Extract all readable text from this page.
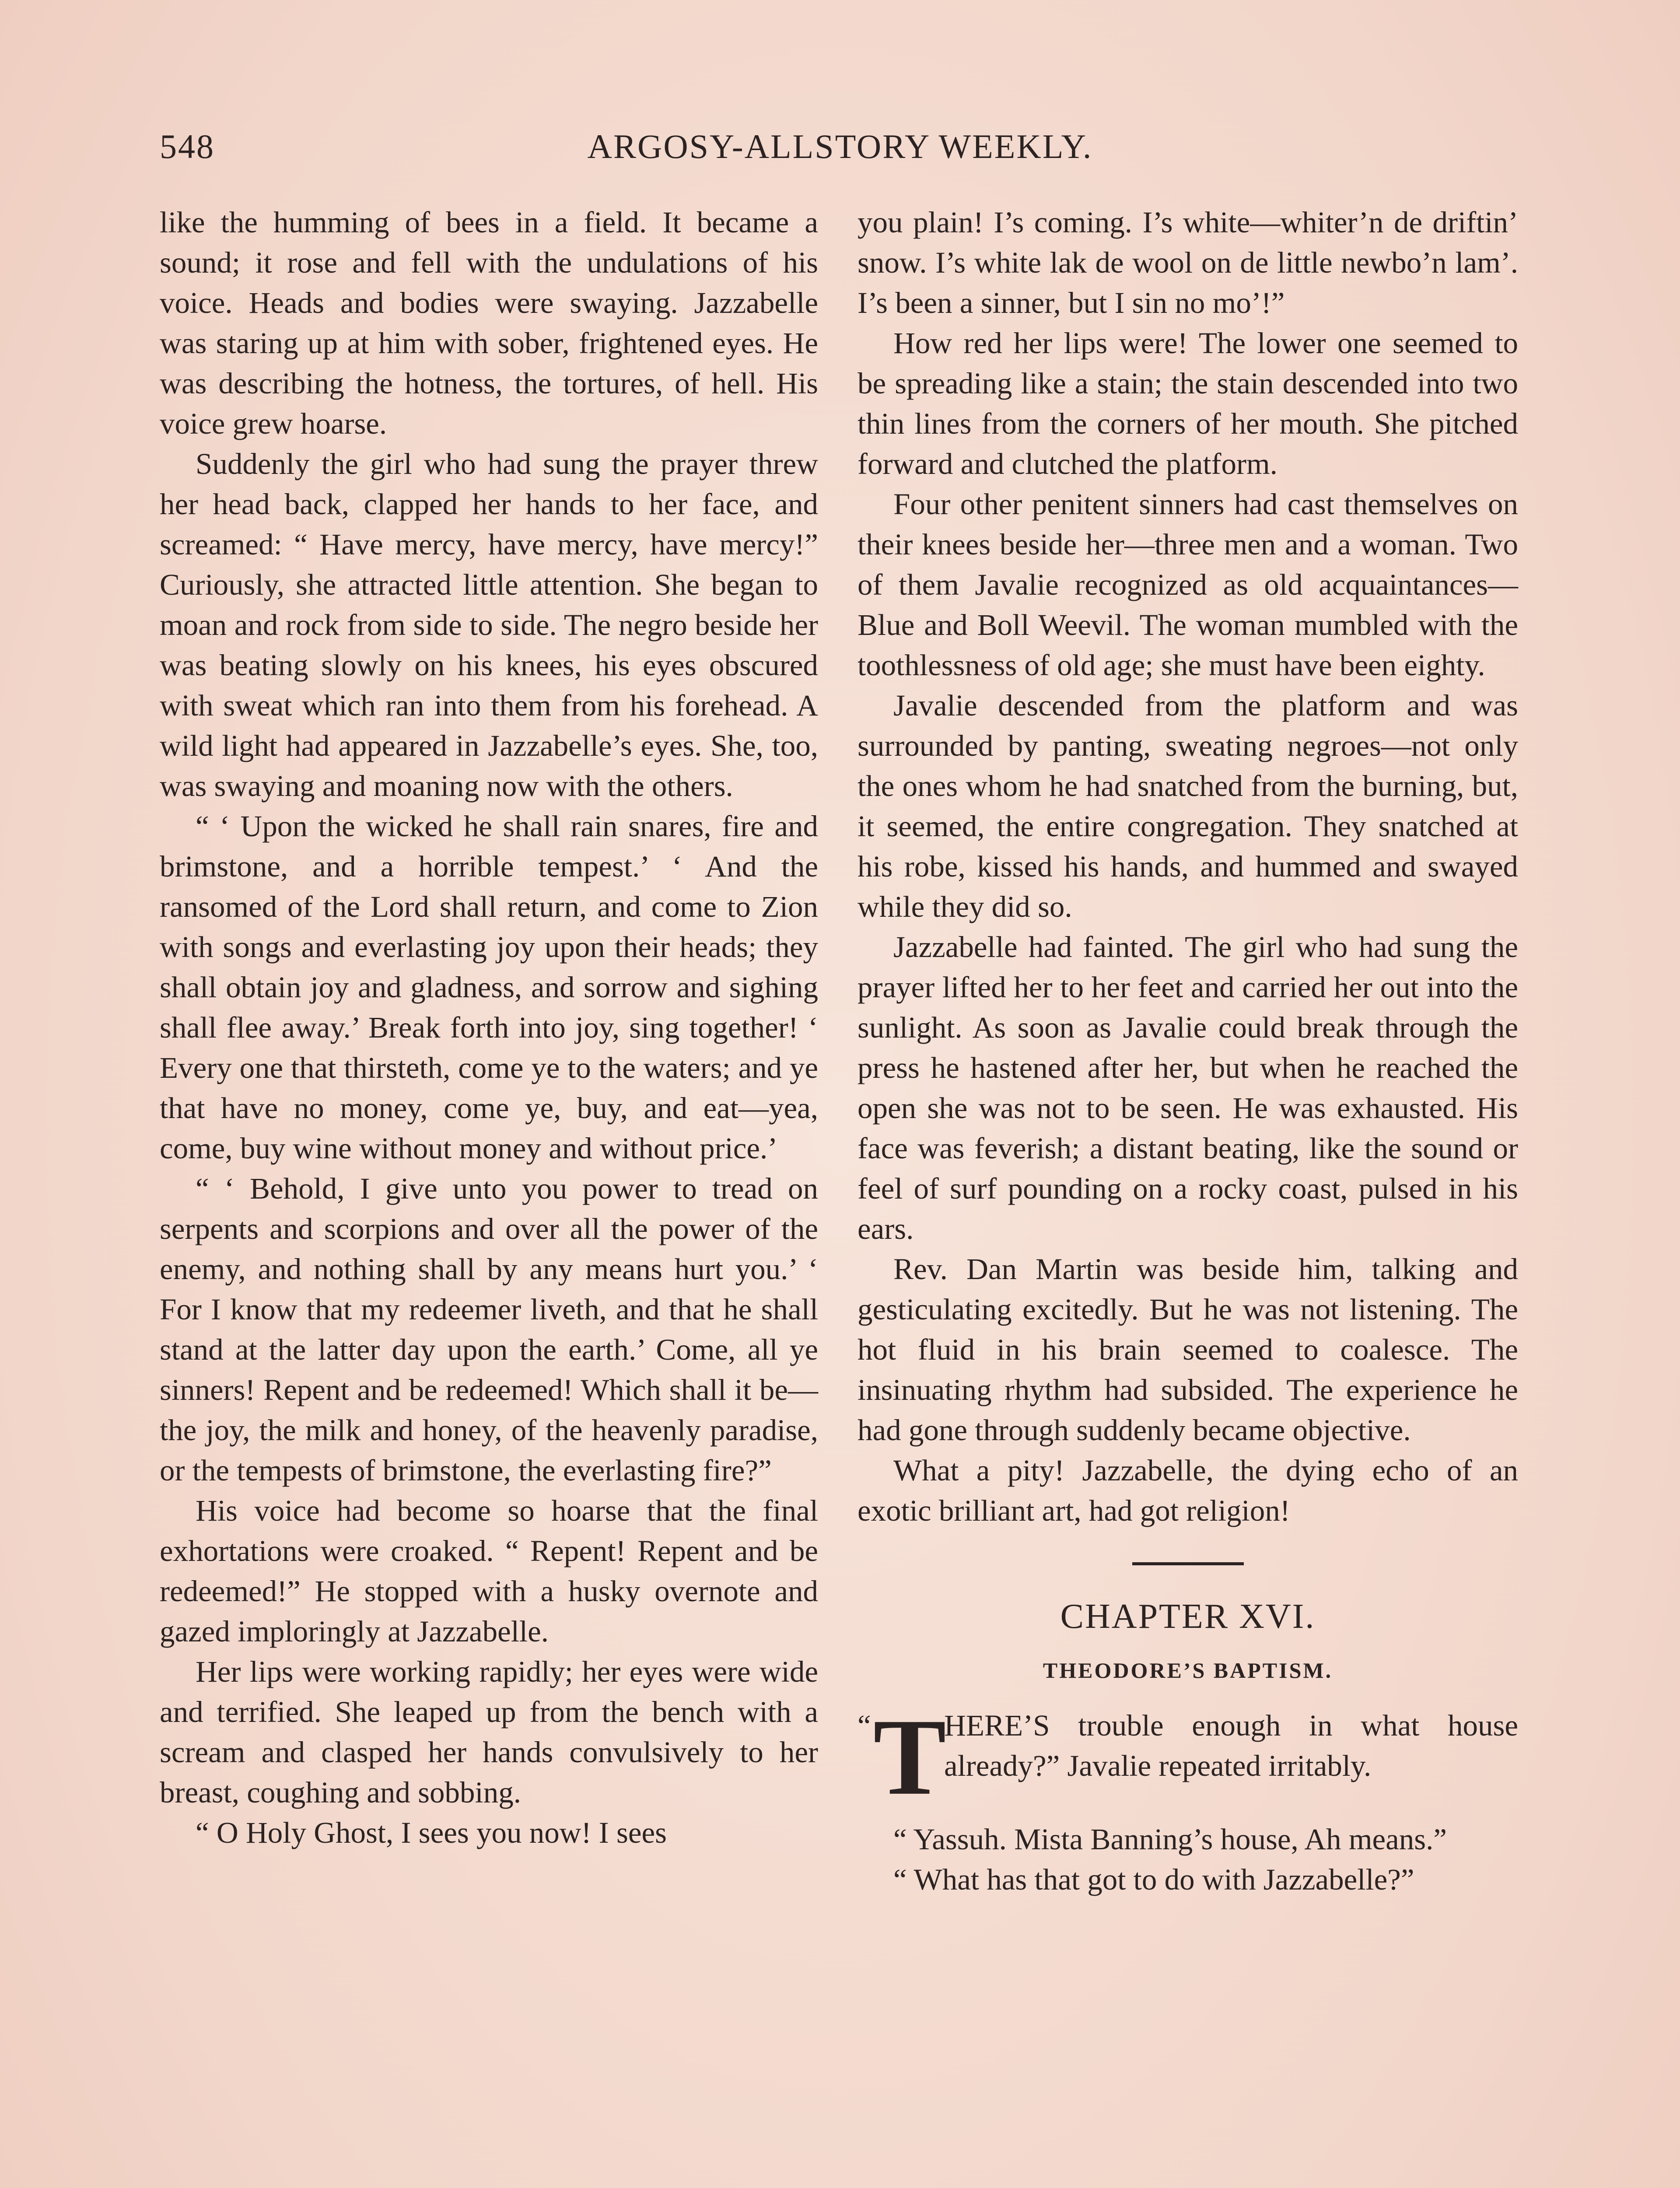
548	ARGOSY-ALLSTORY WEEKLY.

like the humming of bees in a field. It became a sound; it rose and fell with the undulations of his voice. Heads and bodies were swaying. Jazzabelle was staring up at him with sober, frightened eyes. He was describing the hotness, the tortures, of hell. His voice grew hoarse.

Suddenly the girl who had sung the prayer threw her head back, clapped her hands to her face, and screamed: “ Have mercy, have mercy, have mercy!” Curiously, she attracted little attention. She began to moan and rock from side to side. The negro beside her was beating slowly on his knees, his eyes obscured with sweat which ran into them from his forehead. A wild light had appeared in Jazzabelle’s eyes. She, too, was swaying and moaning now with the others.

“ ‘ Upon the wicked he shall rain snares, fire and brimstone, and a horrible tempest.’ ‘ And the ransomed of the Lord shall return, and come to Zion with songs and everlasting joy upon their heads; they shall obtain joy and gladness, and sorrow and sighing shall flee away.’ Break forth into joy, sing together! ‘ Every one that thirsteth, come ye to the waters; and ye that have no money, come ye, buy, and eat—yea, come, buy wine without money and without price.’

“ ‘ Behold, I give unto you power to tread on serpents and scorpions and over all the power of the enemy, and nothing shall by any means hurt you.’ ‘ For I know that my redeemer liveth, and that he shall stand at the latter day upon the earth.’ Come, all ye sinners! Repent and be redeemed! Which shall it be—the joy, the milk and honey, of the heavenly paradise, or the tempests of brimstone, the everlasting fire?”

His voice had become so hoarse that the final exhortations were croaked. “ Repent! Repent and be redeemed!” He stopped with a husky overnote and gazed imploringly at Jazzabelle.

Her lips were working rapidly; her eyes were wide and terrified. She leaped up from the bench with a scream and clasped her hands convulsively to her breast, coughing and sobbing.

“ O Holy Ghost, I sees you now! I sees

you plain! I’s coming. I’s white—whiter’n de driftin’ snow. I’s white lak de wool on de little newbo’n lam’. I’s been a sinner, but I sin no mo’!”

How red her lips were! The lower one seemed to be spreading like a stain; the stain descended into two thin lines from the corners of her mouth. She pitched forward and clutched the platform.

Four other penitent sinners had cast themselves on their knees beside her—three men and a woman. Two of them Javalie recognized as old acquaintances—Blue and Boll Weevil. The woman mumbled with the toothlessness of old age; she must have been eighty.

Javalie descended from the platform and was surrounded by panting, sweating negroes—not only the ones whom he had snatched from the burning, but, it seemed, the entire congregation. They snatched at his robe, kissed his hands, and hummed and swayed while they did so.

Jazzabelle had fainted. The girl who had sung the prayer lifted her to her feet and carried her out into the sunlight. As soon as Javalie could break through the press he hastened after her, but when he reached the open she was not to be seen. He was exhausted. His face was feverish; a distant beating, like the sound or feel of surf pounding on a rocky coast, pulsed in his ears.

Rev. Dan Martin was beside him, talking and gesticulating excitedly. But he was not listening. The hot fluid in his brain seemed to coalesce. The insinuating rhythm had subsided. The experience he had gone through suddenly became objective.

What a pity! Jazzabelle, the dying echo of an exotic brilliant art, had got religion!

CHAPTER XVI.
THEODORE’S BAPTISM.

“ T
HERE’S trouble enough in what house already?” Javalie repeated irritably.

“ Yassuh. Mista Banning’s house, Ah means.”

“ What has that got to do with Jazzabelle?”
